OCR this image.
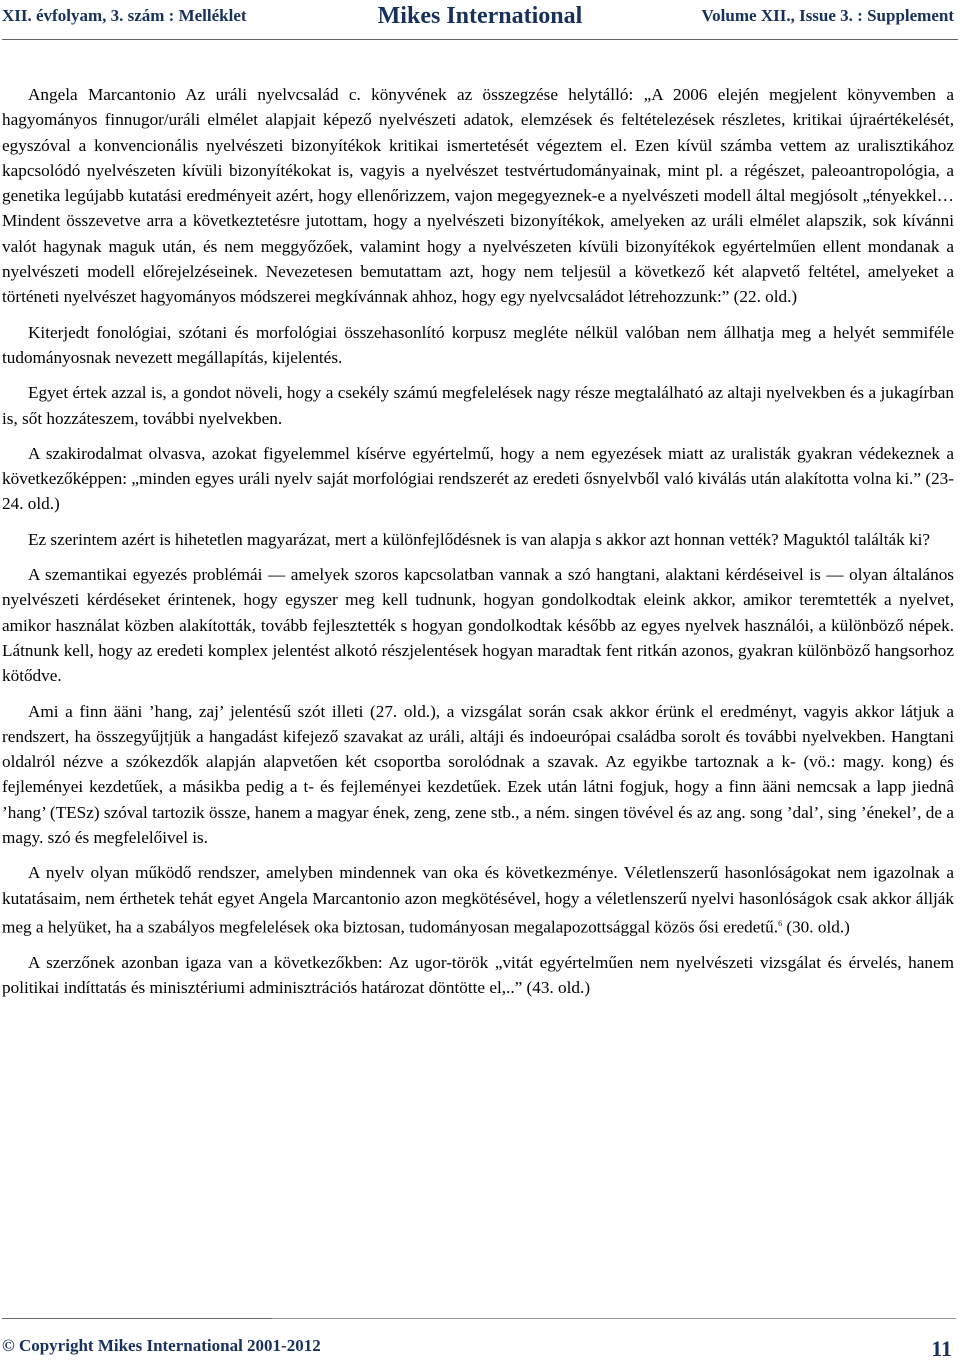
XII. évfolyam, 3. szám : Melléklet	Mikes International	Volume XII., Issue 3. : Supplement

Angela Marcantonio Az uráli nyelvcsalád c. könyvének az összegzése helytálló: „A 2006 elején megjelent könyvemben a hagyományos finnugor/uráli elmélet alapjait képező nyelvészeti adatok, elemzések és feltételezések részletes, kritikai újraértékelését, egyszóval a konvencionális nyelvészeti bizonyítékok kritikai ismertetését végeztem el. Ezen kívül számba vettem az uralisztikához kapcsolódó nyelvészeten kívüli bizonyítékokat is, vagyis a nyelvészet testvértudományainak, mint pl. a régészet, paleoantropológia, a genetika legújabb kutatási eredményeit azért, hogy ellenőrizzem, vajon megegyeznek-e a nyelvészeti modell által megjósolt „tényekkel… Mindent összevetve arra a következtetésre jutottam, hogy a nyelvészeti bizonyítékok, amelyeken az uráli elmélet alapszik, sok kívánni valót hagynak maguk után, és nem meggyőzőek, valamint hogy a nyelvészeten kívüli bizonyítékok egyértelműen ellent mondanak a nyelvészeti modell előrejelzéseinek. Nevezetesen bemutattam azt, hogy nem teljesül a következő két alapvető feltétel, amelyeket a történeti nyelvészet hagyományos módszerei megkívánnak ahhoz, hogy egy nyelvcsaládot létrehozzunk:” (22. old.)

Kiterjedt fonológiai, szótani és morfológiai összehasonlító korpusz megléte nélkül valóban nem állhatja meg a helyét semmiféle tudományosnak nevezett megállapítás, kijelentés.

Egyet értek azzal is, a gondot növeli, hogy a csekély számú megfelelések nagy része megtalálható az altaji nyelvekben és a jukagírban is, sőt hozzáteszem, további nyelvekben.

A szakirodalmat olvasva, azokat figyelemmel kísérve egyértelmű, hogy a nem egyezések miatt az uralisták gyakran védekeznek a következőképpen: „minden egyes uráli nyelv saját morfológiai rendszerét az eredeti ősnyelvből való kiválás után alakította volna ki.” (23-24. old.)

Ez szerintem azért is hihetetlen magyarázat, mert a különfejlődésnek is van alapja s akkor azt honnan vették? Maguktól találták ki?

A szemantikai egyezés problémái — amelyek szoros kapcsolatban vannak a szó hangtani, alaktani kérdéseivel is — olyan általános nyelvészeti kérdéseket érintenek, hogy egyszer meg kell tudnunk, hogyan gondolkodtak eleink akkor, amikor teremtették a nyelvet, amikor használat közben alakították, tovább fejlesztették s hogyan gondolkodtak később az egyes nyelvek használói, a különböző népek. Látnunk kell, hogy az eredeti komplex jelentést alkotó részjelentések hogyan maradtak fent ritkán azonos, gyakran különböző hangsorhoz kötődve.

Ami a finn ääni ’hang, zaj’ jelentésű szót illeti (27. old.), a vizsgálat során csak akkor érünk el eredményt, vagyis akkor látjuk a rendszert, ha összegyűjtjük a hangadást kifejező szavakat az uráli, altáji és indoeurópai családba sorolt és további nyelvekben. Hangtani oldalról nézve a szókezdők alapján alapvetően két csoportba sorolódnak a szavak. Az egyikbe tartoznak a k- (vö.: magy. kong) és fejleményei kezdetűek, a másikba pedig a t- és fejleményei kezdetűek. Ezek után látni fogjuk, hogy a finn ääni nemcsak a lapp jiednâ ’hang’ (TESz) szóval tartozik össze, hanem a magyar ének, zeng, zene stb., a ném. singen tövével és az ang. song ’dal’, sing ’énekel’, de a magy. szó és megfelelőivel is.

A nyelv olyan működő rendszer, amelyben mindennek van oka és következménye. Véletlenszerű hasonlóságokat nem igazolnak a kutatásaim, nem érthetek tehát egyet Angela Marcantonio azon megkötésével, hogy a véletlenszerű nyelvi hasonlóságok csak akkor állják meg a helyüket, ha a szabályos megfelelések oka biztosan, tudományosan megalapozottsággal közös ősi eredetű.$^6$ (30. old.)

A szerzőnek azonban igaza van a következőkben: Az ugor-török „vitát egyértelműen nem nyelvészeti vizsgálat és érvelés, hanem politikai indíttatás és minisztériumi adminisztrációs határozat döntötte el,..” (43. old.)

© Copyright Mikes International 2001-2012	11
